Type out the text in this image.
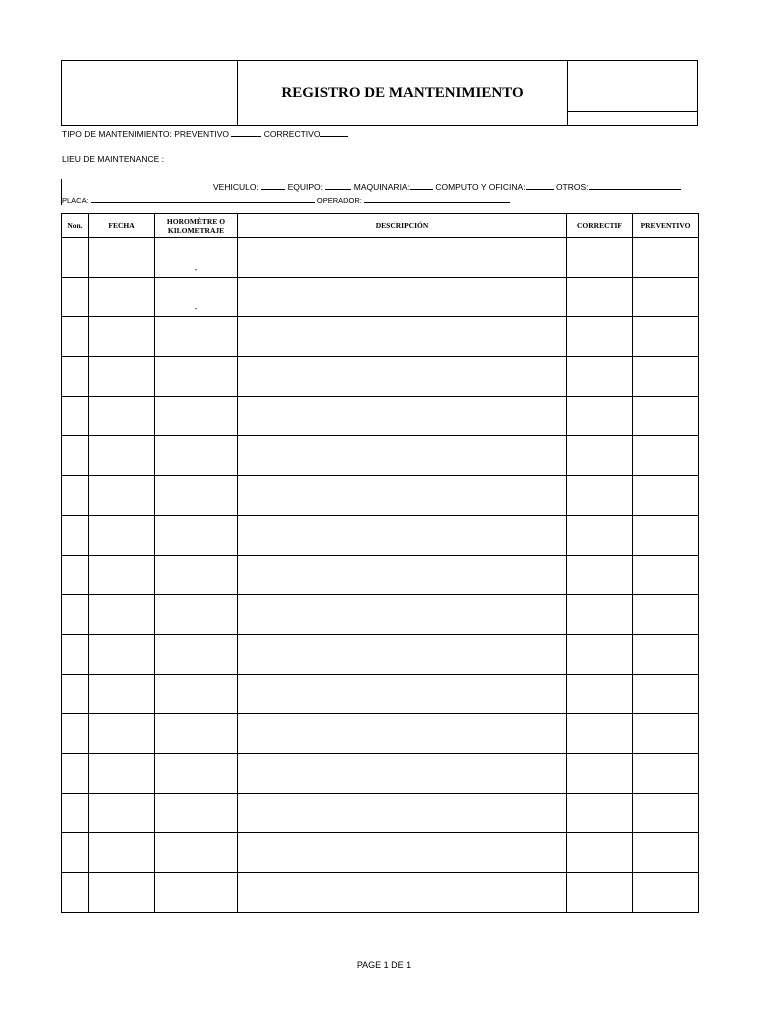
REGISTRO DE MANTENIMIENTO
TIPO DE MANTENIMIENTO: PREVENTIVO	CORRECTIVO
LIEU DE MAINTENANCE :
VEHICULO:	EQUIPO:	MAQUINARIA:	COMPUTO Y OFICINA:	OTROS:
PLACA:	OPERADOR:
Non.	FECHA	HOROMÈTRE O KILOMETRAJE	DESCRIPCIÓN	CORRECTIF	PREVENTIVO
		-			
		-			

PAGE 1 DE 1
